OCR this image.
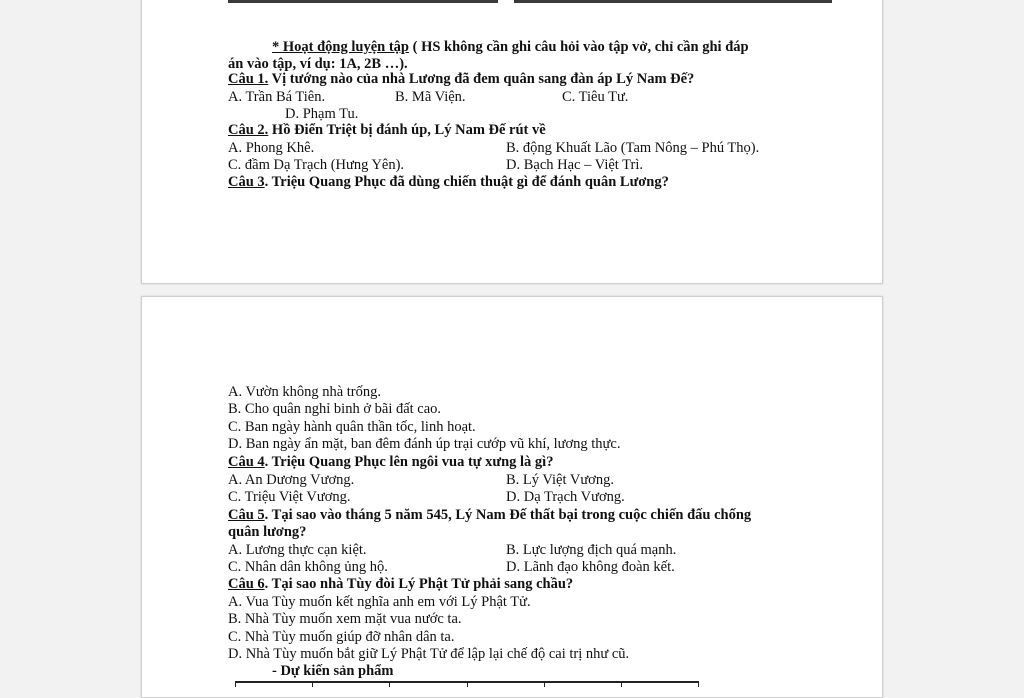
* Hoạt động luyện tập ( HS không cần ghi câu hỏi vào tập vở, chỉ cần ghi đáp
án vào tập, ví dụ: 1A, 2B …).
Câu 1. Vị tướng nào của nhà Lương đã đem quân sang đàn áp Lý Nam Đế?
A. Trần Bá Tiên.	B. Mã Viện.	C. Tiêu Tư.
D. Phạm Tu.
Câu 2. Hồ Điển Triệt bị đánh úp, Lý Nam Đế rút về
A. Phong Khê.	B. động Khuất Lão (Tam Nông – Phú Thọ).
C. đầm Dạ Trạch (Hưng Yên).	D. Bạch Hạc – Việt Trì.
Câu 3. Triệu Quang Phục đã dùng chiến thuật gì để đánh quân Lương?
A. Vườn không nhà trống.
B. Cho quân nghỉ binh ở bãi đất cao.
C. Ban ngày hành quân thần tốc, linh hoạt.
D. Ban ngày ẩn mặt, ban đêm đánh úp trại cướp vũ khí, lương thực.
Câu 4. Triệu Quang Phục lên ngôi vua tự xưng là gì?
A. An Dương Vương.	B. Lý Việt Vương.
C. Triệu Việt Vương.	D. Dạ Trạch Vương.
Câu 5. Tại sao vào tháng 5 năm 545, Lý Nam Đế thất bại trong cuộc chiến đấu chống
quân lương?
A. Lương thực cạn kiệt.	B. Lực lượng địch quá mạnh.
C. Nhân dân không ủng hộ.	D. Lãnh đạo không đoàn kết.
Câu 6. Tại sao nhà Tùy đòi Lý Phật Tử phải sang chầu?
A. Vua Tùy muốn kết nghĩa anh em với Lý Phật Tử.
B. Nhà Tùy muốn xem mặt vua nước ta.
C. Nhà Tùy muốn giúp đỡ nhân dân ta.
D. Nhà Tùy muốn bắt giữ Lý Phật Tử để lập lại chế độ cai trị như cũ.
- Dự kiến sản phẩm
